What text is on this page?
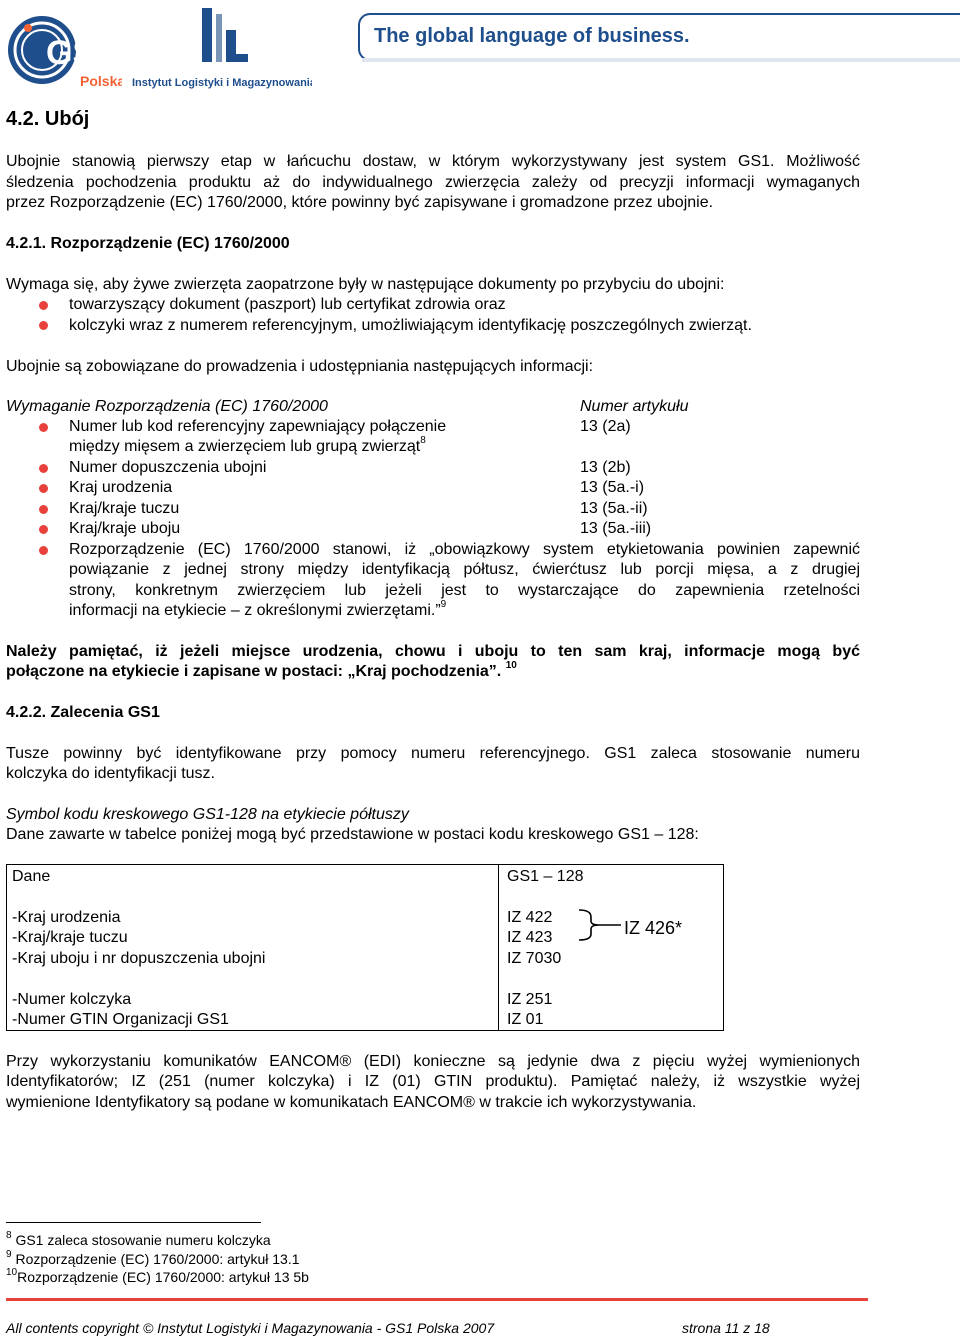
GS1
Polska Instytut Logistyki i Magazynowania
The global language of business.
4.2. Ubój
Ubojnie stanowią pierwszy etap w łańcuchu dostaw, w którym wykorzystywany jest system GS1. Możliwość
śledzenia pochodzenia produktu aż do indywidualnego zwierzęcia zależy od precyzji informacji wymaganych
przez Rozporządzenie (EC) 1760/2000, które powinny być zapisywane i gromadzone przez ubojnie.
4.2.1. Rozporządzenie (EC) 1760/2000
Wymaga się, aby żywe zwierzęta zaopatrzone były w następujące dokumenty po przybyciu do ubojni:
towarzyszący dokument (paszport) lub certyfikat zdrowia oraz
kolczyki wraz z numerem referencyjnym, umożliwiającym identyfikację poszczególnych zwierząt.
Ubojnie są zobowiązane do prowadzenia i udostępniania następujących informacji:
Wymaganie Rozporządzenia (EC) 1760/2000	Numer artykułu
Numer lub kod referencyjny zapewniający połączenie	13 (2a)
między mięsem a zwierzęciem lub grupą zwierząt$^8$
Numer dopuszczenia ubojni	13 (2b)
Kraj urodzenia	13 (5a.-i)
Kraj/kraje tuczu	13 (5a.-ii)
Kraj/kraje uboju	13 (5a.-iii)
Rozporządzenie (EC) 1760/2000 stanowi, iż „obowiązkowy system etykietowania powinien zapewnić
powiązanie z jednej strony między identyfikacją półtusz, ćwierćtusz lub porcji mięsa, a z drugiej
strony, konkretnym zwierzęciem lub jeżeli jest to wystarczające do zapewnienia rzetelności
informacji na etykiecie – z określonymi zwierzętami.”$^9$
Należy pamiętać, iż jeżeli miejsce urodzenia, chowu i uboju to ten sam kraj, informacje mogą być
połączone na etykiecie i zapisane w postaci: „Kraj pochodzenia”. $^{10}$
4.2.2. Zalecenia GS1
Tusze powinny być identyfikowane przy pomocy numeru referencyjnego. GS1 zaleca stosowanie numeru
kolczyka do identyfikacji tusz.
Symbol kodu kreskowego GS1-128 na etykiecie półtuszy
Dane zawarte w tabelce poniżej mogą być przedstawione w postaci kodu kreskowego GS1 – 128:
Dane	GS1 – 128
-Kraj urodzenia	IZ 422
-Kraj/kraje tuczu	IZ 423
-Kraj uboju i nr dopuszczenia ubojni	IZ 7030
IZ 426*
-Numer kolczyka	IZ 251
-Numer GTIN Organizacji GS1	IZ 01
Przy wykorzystaniu komunikatów EANCOM® (EDI) konieczne są jedynie dwa z pięciu wyżej wymienionych
Identyfikatorów; IZ (251 (numer kolczyka) i IZ (01) GTIN produktu). Pamiętać należy, iż wszystkie wyżej
wymienione Identyfikatory są podane w komunikatach EANCOM® w trakcie ich wykorzystywania.
$^8$ GS1 zaleca stosowanie numeru kolczyka
$^9$ Rozporządzenie (EC) 1760/2000: artykuł 13.1
$^{10}$Rozporządzenie (EC) 1760/2000: artykuł 13 5b
All contents copyright © Instytut Logistyki i Magazynowania - GS1 Polska 2007	strona 11 z 18
